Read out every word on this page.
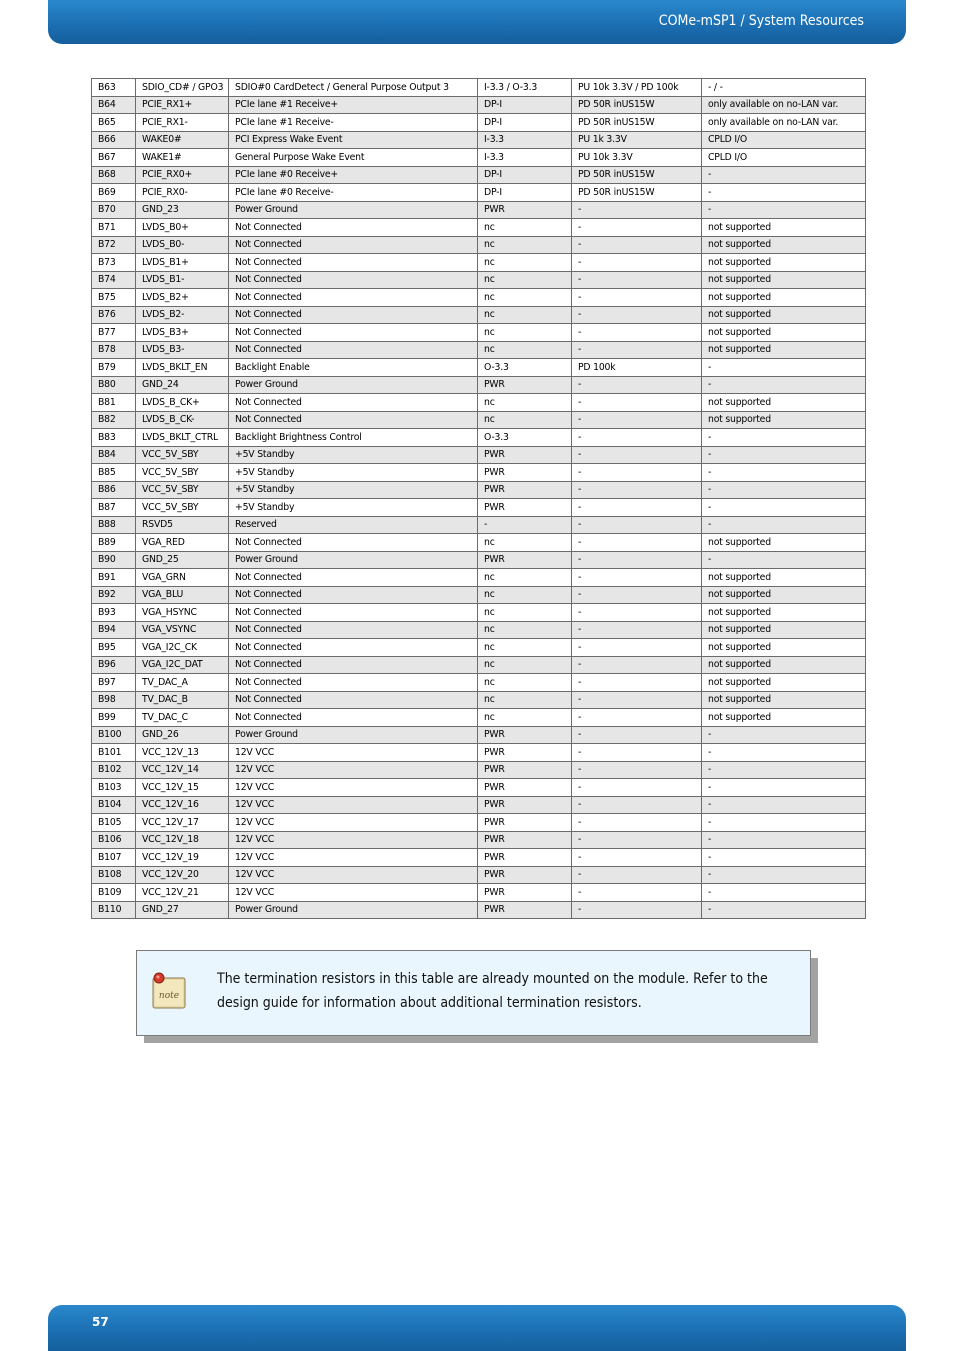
COMe-mSP1 / System Resources
B63	SDIO_CD# / GPO3	SDIO#0 CardDetect / General Purpose Output 3	I-3.3 / O-3.3	PU 10k 3.3V / PD 100k	- / -
B64	PCIE_RX1+	PCIe lane #1 Receive+	DP-I	PD 50R inUS15W	only available on no-LAN var.
B65	PCIE_RX1-	PCIe lane #1 Receive-	DP-I	PD 50R inUS15W	only available on no-LAN var.
B66	WAKE0#	PCI Express Wake Event	I-3.3	PU 1k 3.3V	CPLD I/O
B67	WAKE1#	General Purpose Wake Event	I-3.3	PU 10k 3.3V	CPLD I/O
B68	PCIE_RX0+	PCIe lane #0 Receive+	DP-I	PD 50R inUS15W	-
B69	PCIE_RX0-	PCIe lane #0 Receive-	DP-I	PD 50R inUS15W	-
B70	GND_23	Power Ground	PWR	-	-
B71	LVDS_B0+	Not Connected	nc	-	not supported
B72	LVDS_B0-	Not Connected	nc	-	not supported
B73	LVDS_B1+	Not Connected	nc	-	not supported
B74	LVDS_B1-	Not Connected	nc	-	not supported
B75	LVDS_B2+	Not Connected	nc	-	not supported
B76	LVDS_B2-	Not Connected	nc	-	not supported
B77	LVDS_B3+	Not Connected	nc	-	not supported
B78	LVDS_B3-	Not Connected	nc	-	not supported
B79	LVDS_BKLT_EN	Backlight Enable	O-3.3	PD 100k	-
B80	GND_24	Power Ground	PWR	-	-
B81	LVDS_B_CK+	Not Connected	nc	-	not supported
B82	LVDS_B_CK-	Not Connected	nc	-	not supported
B83	LVDS_BKLT_CTRL	Backlight Brightness Control	O-3.3	-	-
B84	VCC_5V_SBY	+5V Standby	PWR	-	-
B85	VCC_5V_SBY	+5V Standby	PWR	-	-
B86	VCC_5V_SBY	+5V Standby	PWR	-	-
B87	VCC_5V_SBY	+5V Standby	PWR	-	-
B88	RSVD5	Reserved	-	-	-
B89	VGA_RED	Not Connected	nc	-	not supported
B90	GND_25	Power Ground	PWR	-	-
B91	VGA_GRN	Not Connected	nc	-	not supported
B92	VGA_BLU	Not Connected	nc	-	not supported
B93	VGA_HSYNC	Not Connected	nc	-	not supported
B94	VGA_VSYNC	Not Connected	nc	-	not supported
B95	VGA_I2C_CK	Not Connected	nc	-	not supported
B96	VGA_I2C_DAT	Not Connected	nc	-	not supported
B97	TV_DAC_A	Not Connected	nc	-	not supported
B98	TV_DAC_B	Not Connected	nc	-	not supported
B99	TV_DAC_C	Not Connected	nc	-	not supported
B100	GND_26	Power Ground	PWR	-	-
B101	VCC_12V_13	12V VCC	PWR	-	-
B102	VCC_12V_14	12V VCC	PWR	-	-
B103	VCC_12V_15	12V VCC	PWR	-	-
B104	VCC_12V_16	12V VCC	PWR	-	-
B105	VCC_12V_17	12V VCC	PWR	-	-
B106	VCC_12V_18	12V VCC	PWR	-	-
B107	VCC_12V_19	12V VCC	PWR	-	-
B108	VCC_12V_20	12V VCC	PWR	-	-
B109	VCC_12V_21	12V VCC	PWR	-	-
B110	GND_27	Power Ground	PWR	-	-
note
The termination resistors in this table are already mounted on the module. Refer to the design guide for information about additional termination resistors.
57
